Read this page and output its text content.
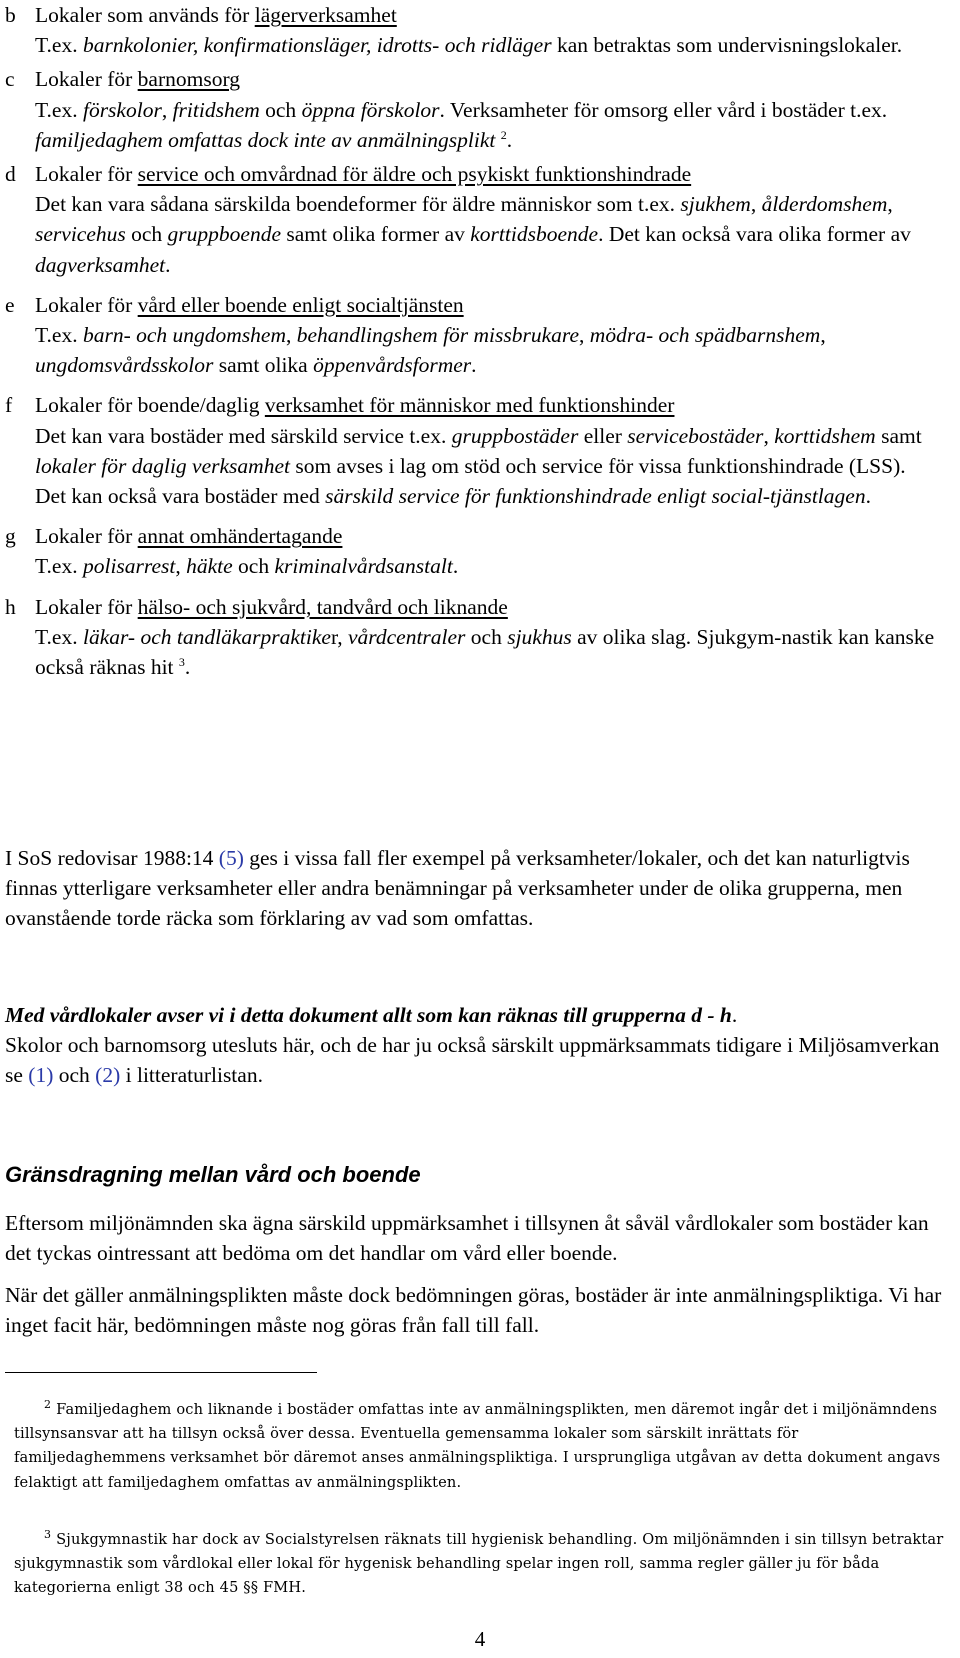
b Lokaler som används för lägerverksamhet
T.ex. barnkolonier, konfirmationsläger, idrotts- och ridläger kan betraktas som undervisningslokaler.
c Lokaler för barnomsorg
T.ex. förskolor, fritidshem och öppna förskolor. Verksamheter för omsorg eller vård i bostäder t.ex. familjedaghem omfattas dock inte av anmälningsplikt $^2$.
d Lokaler för service och omvårdnad för äldre och psykiskt funktionshindrade
Det kan vara sådana särskilda boendeformer för äldre människor som t.ex. sjukhem, ålderdomshem, servicehus och gruppboende samt olika former av korttidsboende. Det kan också vara olika former av dagverksamhet.
e Lokaler för vård eller boende enligt socialtjänsten
T.ex. barn- och ungdomshem, behandlingshem för missbrukare, mödra- och spädbarnshem, ungdomsvårdsskolor samt olika öppenvårdsformer.
f Lokaler för boende/daglig verksamhet för människor med funktionshinder
Det kan vara bostäder med särskild service t.ex. gruppbostäder eller servicebostäder, korttidshem samt lokaler för daglig verksamhet som avses i lag om stöd och service för vissa funktionshindrade (LSS).
Det kan också vara bostäder med särskild service för funktionshindrade enligt social-tjänstlagen.
g Lokaler för annat omhändertagande
T.ex. polisarrest, häkte och kriminalvårdsanstalt.
h Lokaler för hälso- och sjukvård, tandvård och liknande
T.ex. läkar- och tandläkarpraktiker, vårdcentraler och sjukhus av olika slag. Sjukgym-nastik kan kanske också räknas hit $^3$.

I SoS redovisar 1988:14 (5) ges i vissa fall fler exempel på verksamheter/lokaler, och det kan naturligtvis finnas ytterligare verksamheter eller andra benämningar på verksamheter under de olika grupperna, men ovanstående torde räcka som förklaring av vad som omfattas.

Med vårdlokaler avser vi i detta dokument allt som kan räknas till grupperna d - h.
Skolor och barnomsorg utesluts här, och de har ju också särskilt uppmärksammats tidigare i Miljösamverkan se (1) och (2) i litteraturlistan.

Gränsdragning mellan vård och boende

Eftersom miljönämnden ska ägna särskild uppmärksamhet i tillsynen åt såväl vårdlokaler som bostäder kan det tyckas ointressant att bedöma om det handlar om vård eller boende.

När det gäller anmälningsplikten måste dock bedömningen göras, bostäder är inte anmälningspliktiga. Vi har inget facit här, bedömningen måste nog göras från fall till fall.

2 Familjedaghem och liknande i bostäder omfattas inte av anmälningsplikten, men däremot ingår det i miljönämndens tillsynsansvar att ha tillsyn också över dessa. Eventuella gemensamma lokaler som särskilt inrättats för familjedaghemmens verksamhet bör däremot anses anmälningspliktiga. I ursprungliga utgåvan av detta dokument angavs felaktigt att familjedaghem omfattas av anmälningsplikten.
3 Sjukgymnastik har dock av Socialstyrelsen räknats till hygienisk behandling. Om miljönämnden i sin tillsyn betraktar sjukgymnastik som vårdlokal eller lokal för hygenisk behandling spelar ingen roll, samma regler gäller ju för båda kategorierna enligt 38 och 45 §§ FMH.
4
